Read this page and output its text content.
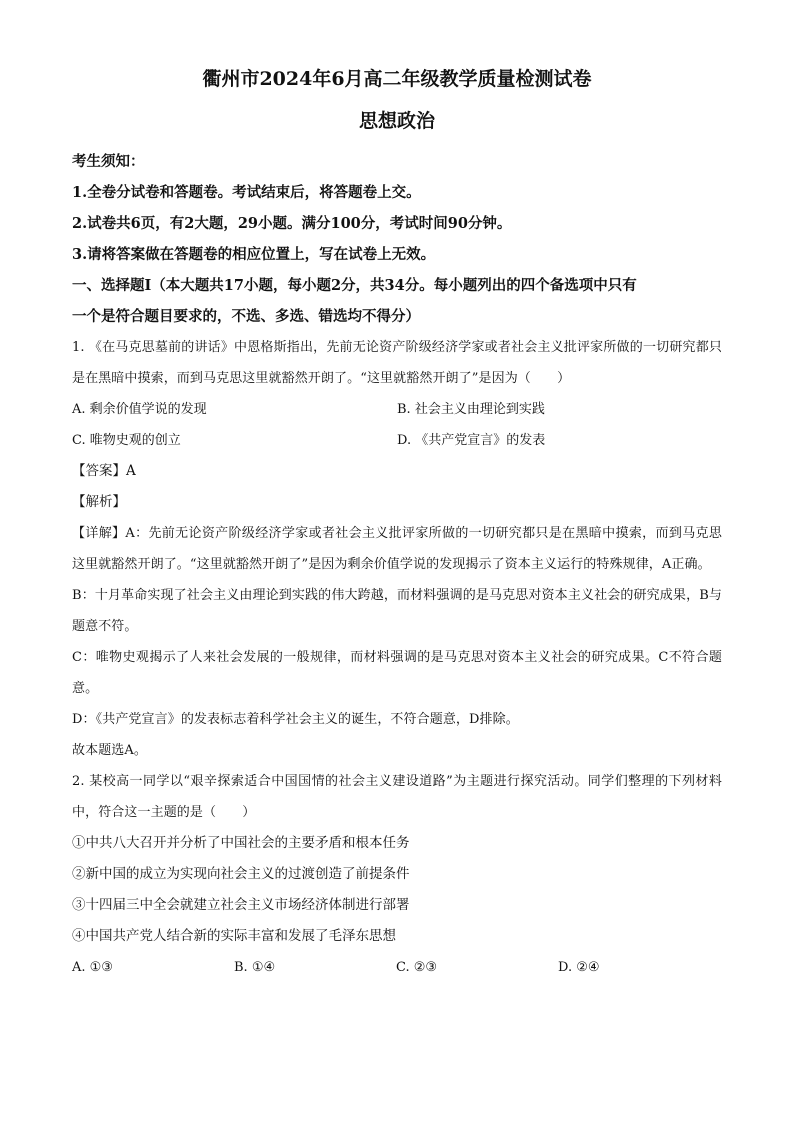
衢州市2024年6月高二年级教学质量检测试卷
思想政治

考生须知：

1.全卷分试卷和答题卷。考试结束后，将答题卷上交。

2.试卷共6页，有2大题，29小题。满分100分，考试时间90分钟。

3.请将答案做在答题卷的相应位置上，写在试卷上无效。

一、选择题Ⅰ（本大题共17小题，每小题2分，共34分。每小题列出的四个备选项中只有

一个是符合题目要求的，不选、多选、错选均不得分）

1. 《在马克思墓前的讲话》中恩格斯指出，先前无论资产阶级经济学家或者社会主义批评家所做的一切研究都只是在黑暗中摸索，而到马克思这里就豁然开朗了。“这里就豁然开朗了”是因为（　　）

A. 剩余价值学说的发现	B. 社会主义由理论到实践
C. 唯物史观的创立	D. 《共产党宣言》的发表

【答案】A

【解析】

【详解】A：先前无论资产阶级经济学家或者社会主义批评家所做的一切研究都只是在黑暗中摸索，而到马克思这里就豁然开朗了。“这里就豁然开朗了”是因为剩余价值学说的发现揭示了资本主义运行的特殊规律，A正确。

B：十月革命实现了社会主义由理论到实践的伟大跨越，而材料强调的是马克思对资本主义社会的研究成果，B与题意不符。

C：唯物史观揭示了人来社会发展的一般规律，而材料强调的是马克思对资本主义社会的研究成果。C不符合题意。

D：《共产党宣言》的发表标志着科学社会主义的诞生，不符合题意，D排除。

故本题选A。

2. 某校高一同学以“艰辛探索适合中国国情的社会主义建设道路”为主题进行探究活动。同学们整理的下列材料中，符合这一主题的是（　　）

①中共八大召开并分析了中国社会的主要矛盾和根本任务

②新中国的成立为实现向社会主义的过渡创造了前提条件

③十四届三中全会就建立社会主义市场经济体制进行部署

④中国共产党人结合新的实际丰富和发展了毛泽东思想

A. ①③	B. ①④	C. ②③	D. ②④
